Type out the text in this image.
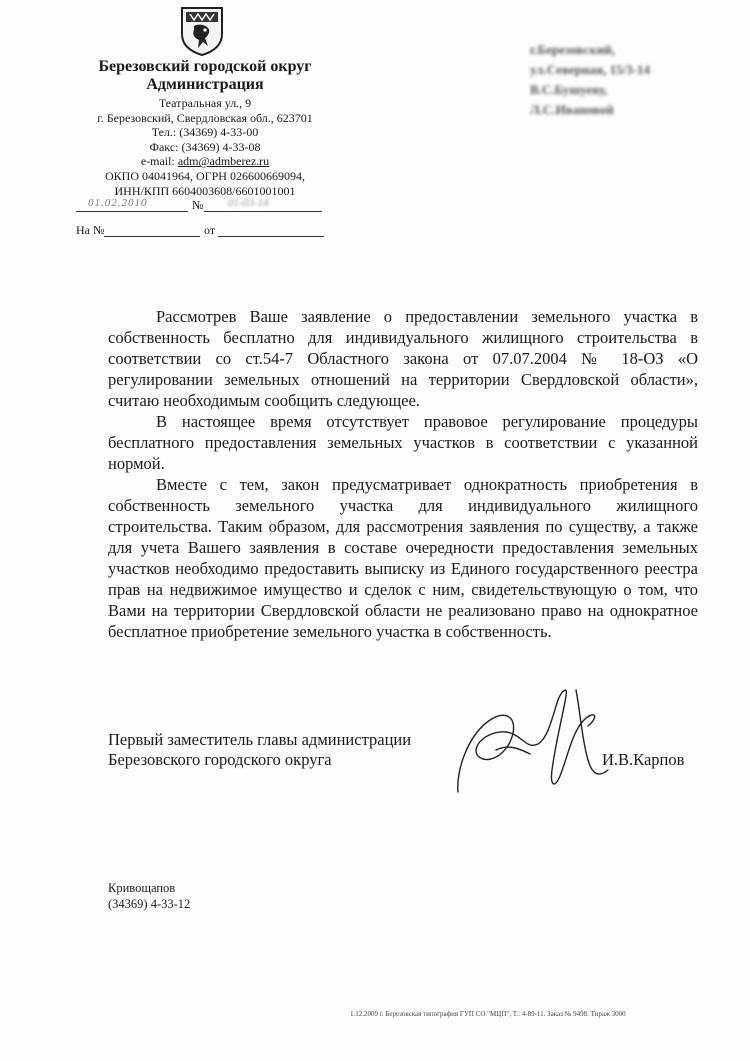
Березовский городской округ
Администрация
Театральная ул., 9
г. Березовский, Свердловская обл., 623701
Тел.: (34369) 4-33-00
Факс: (34369) 4-33-08
e-mail: adm@admberez.ru
ОКПО 04041964, ОГРН 026600669094,
ИНН/КПП 6604003608/6601001001
01.02.2010	№ 01-03-14
На №	от
г.Березовский,
ул.Северная, 15/3-14
В.С.Бушуеву,
Л.С.Ивановой

Рассмотрев Ваше заявление о предоставлении земельного участка в собственность бесплатно для индивидуального жилищного строительства в соответствии со ст.54-7 Областного закона от 07.07.2004 № 18-ОЗ «О регулировании земельных отношений на территории Свердловской области», считаю необходимым сообщить следующее.

В настоящее время отсутствует правовое регулирование процедуры бесплатного предоставления земельных участков в соответствии с указанной нормой.

Вместе с тем, закон предусматривает однократность приобретения в собственность земельного участка для индивидуального жилищного строительства. Таким образом, для рассмотрения заявления по существу, а также для учета Вашего заявления в составе очередности предоставления земельных участков необходимо предоставить выписку из Единого государственного реестра прав на недвижимое имущество и сделок с ним, свидетельствующую о том, что Вами на территории Свердловской области не реализовано право на однократное бесплатное приобретение земельного участка в собственность.

Первый заместитель главы администрации
Березовского городского округа	И.В.Карпов
Кривощапов
(34369) 4-33-12
1.12.2009 г. Березовская типография ГУП СО "МЦП", Т.: 4-89-11. Заказ № 9498. Тираж 3000
